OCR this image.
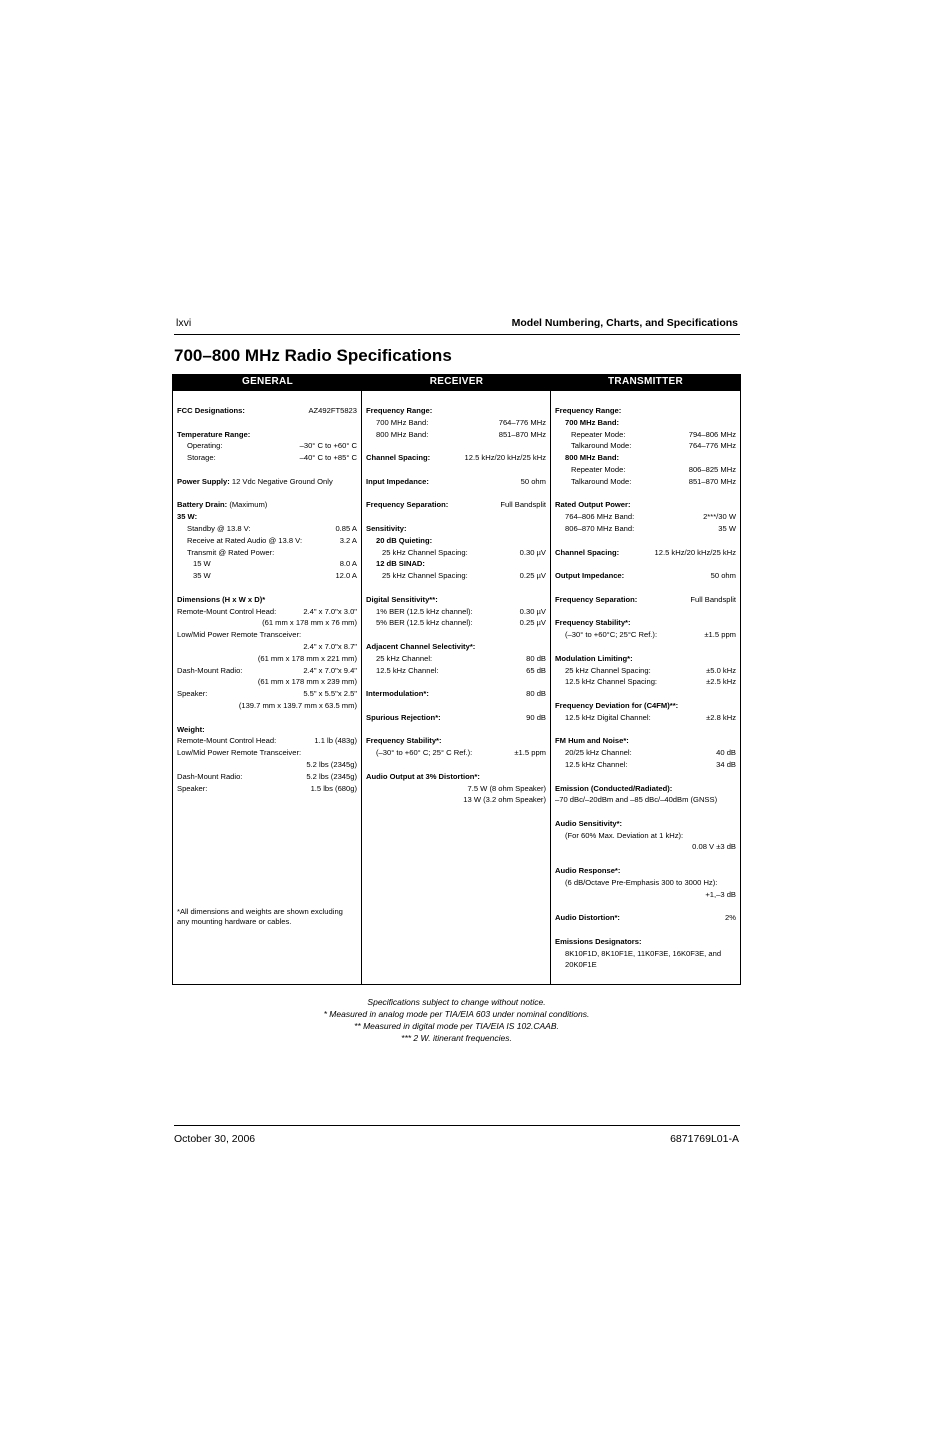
lxvi	Model Numbering, Charts, and Specifications
700–800 MHz Radio Specifications
GENERAL	RECEIVER	TRANSMITTER
FCC Designations:	AZ492FT5823
Temperature Range:
Operating:	–30° C to +60° C
Storage:	–40° C to +85° C
Power Supply: 12 Vdc Negative Ground Only
Battery Drain: (Maximum)
35 W:
Standby @ 13.8 V:	0.85 A
Receive at Rated Audio @ 13.8 V:	3.2 A
Transmit @ Rated Power:
15 W	8.0 A
35 W	12.0 A
Dimensions (H x W x D)*
Remote-Mount Control Head:	2.4" x 7.0"x 3.0"
(61 mm x 178 mm x 76 mm)
Low/Mid Power Remote Transceiver:
2.4" x 7.0"x 8.7"
(61 mm x 178 mm x 221 mm)
Dash-Mount Radio:	2.4" x 7.0"x 9.4"
(61 mm x 178 mm x 239 mm)
Speaker:	5.5" x 5.5"x 2.5"
(139.7 mm x 139.7 mm x 63.5 mm)
Weight:
Remote-Mount Control Head:	1.1 lb (483g)
Low/Mid Power Remote Transceiver:
5.2 lbs (2345g)
Dash-Mount Radio:	5.2 lbs (2345g)
Speaker:	1.5 lbs (680g)
*All dimensions and weights are shown excluding any mounting hardware or cables.
Frequency Range:
700 MHz Band:	764–776 MHz
800 MHz Band:	851–870 MHz
Channel Spacing:	12.5 kHz/20 kHz/25 kHz
Input Impedance:	50 ohm
Frequency Separation:	Full Bandsplit
Sensitivity:
20 dB Quieting:
25 kHz Channel Spacing:	0.30 µV
12 dB SINAD:
25 kHz Channel Spacing:	0.25 µV
Digital Sensitivity**:
1% BER (12.5 kHz channel):	0.30 µV
5% BER (12.5 kHz channel):	0.25 µV
Adjacent Channel Selectivity*:
25 kHz Channel:	80 dB
12.5 kHz Channel:	65 dB
Intermodulation*:	80 dB
Spurious Rejection*:	90 dB
Frequency Stability*:
(–30° to +60° C; 25° C Ref.):	±1.5 ppm
Audio Output at 3% Distortion*:
7.5 W (8 ohm Speaker)
13 W (3.2 ohm Speaker)
Frequency Range:
700 MHz Band:
Repeater Mode:	794–806 MHz
Talkaround Mode:	764–776 MHz
800 MHz Band:
Repeater Mode:	806–825 MHz
Talkaround Mode:	851–870 MHz
Rated Output Power:
764–806 MHz Band:	2***/30 W
806–870 MHz Band:	35 W
Channel Spacing:	12.5 kHz/20 kHz/25 kHz
Output Impedance:	50 ohm
Frequency Separation:	Full Bandsplit
Frequency Stability*:
(–30° to +60°C; 25°C Ref.):	±1.5 ppm
Modulation Limiting*:
25 kHz Channel Spacing:	±5.0 kHz
12.5 kHz Channel Spacing:	±2.5 kHz
Frequency Deviation for (C4FM)**:
12.5 kHz Digital Channel:	±2.8 kHz
FM Hum and Noise*:
20/25 kHz Channel:	40 dB
12.5 kHz Channel:	34 dB
Emission (Conducted/Radiated):
–70 dBc/–20dBm and –85 dBc/–40dBm (GNSS)
Audio Sensitivity*:
(For 60% Max. Deviation at 1 kHz):
0.08 V ±3 dB
Audio Response*:
(6 dB/Octave Pre-Emphasis 300 to 3000 Hz):
+1,–3 dB
Audio Distortion*:	2%
Emissions Designators:
8K10F1D, 8K10F1E, 11K0F3E, 16K0F3E, and
20K0F1E
Specifications subject to change without notice.
* Measured in analog mode per TIA/EIA 603 under nominal conditions.
** Measured in digital mode per TIA/EIA IS 102.CAAB.
*** 2 W. itinerant frequencies.
October 30, 2006	6871769L01-A
